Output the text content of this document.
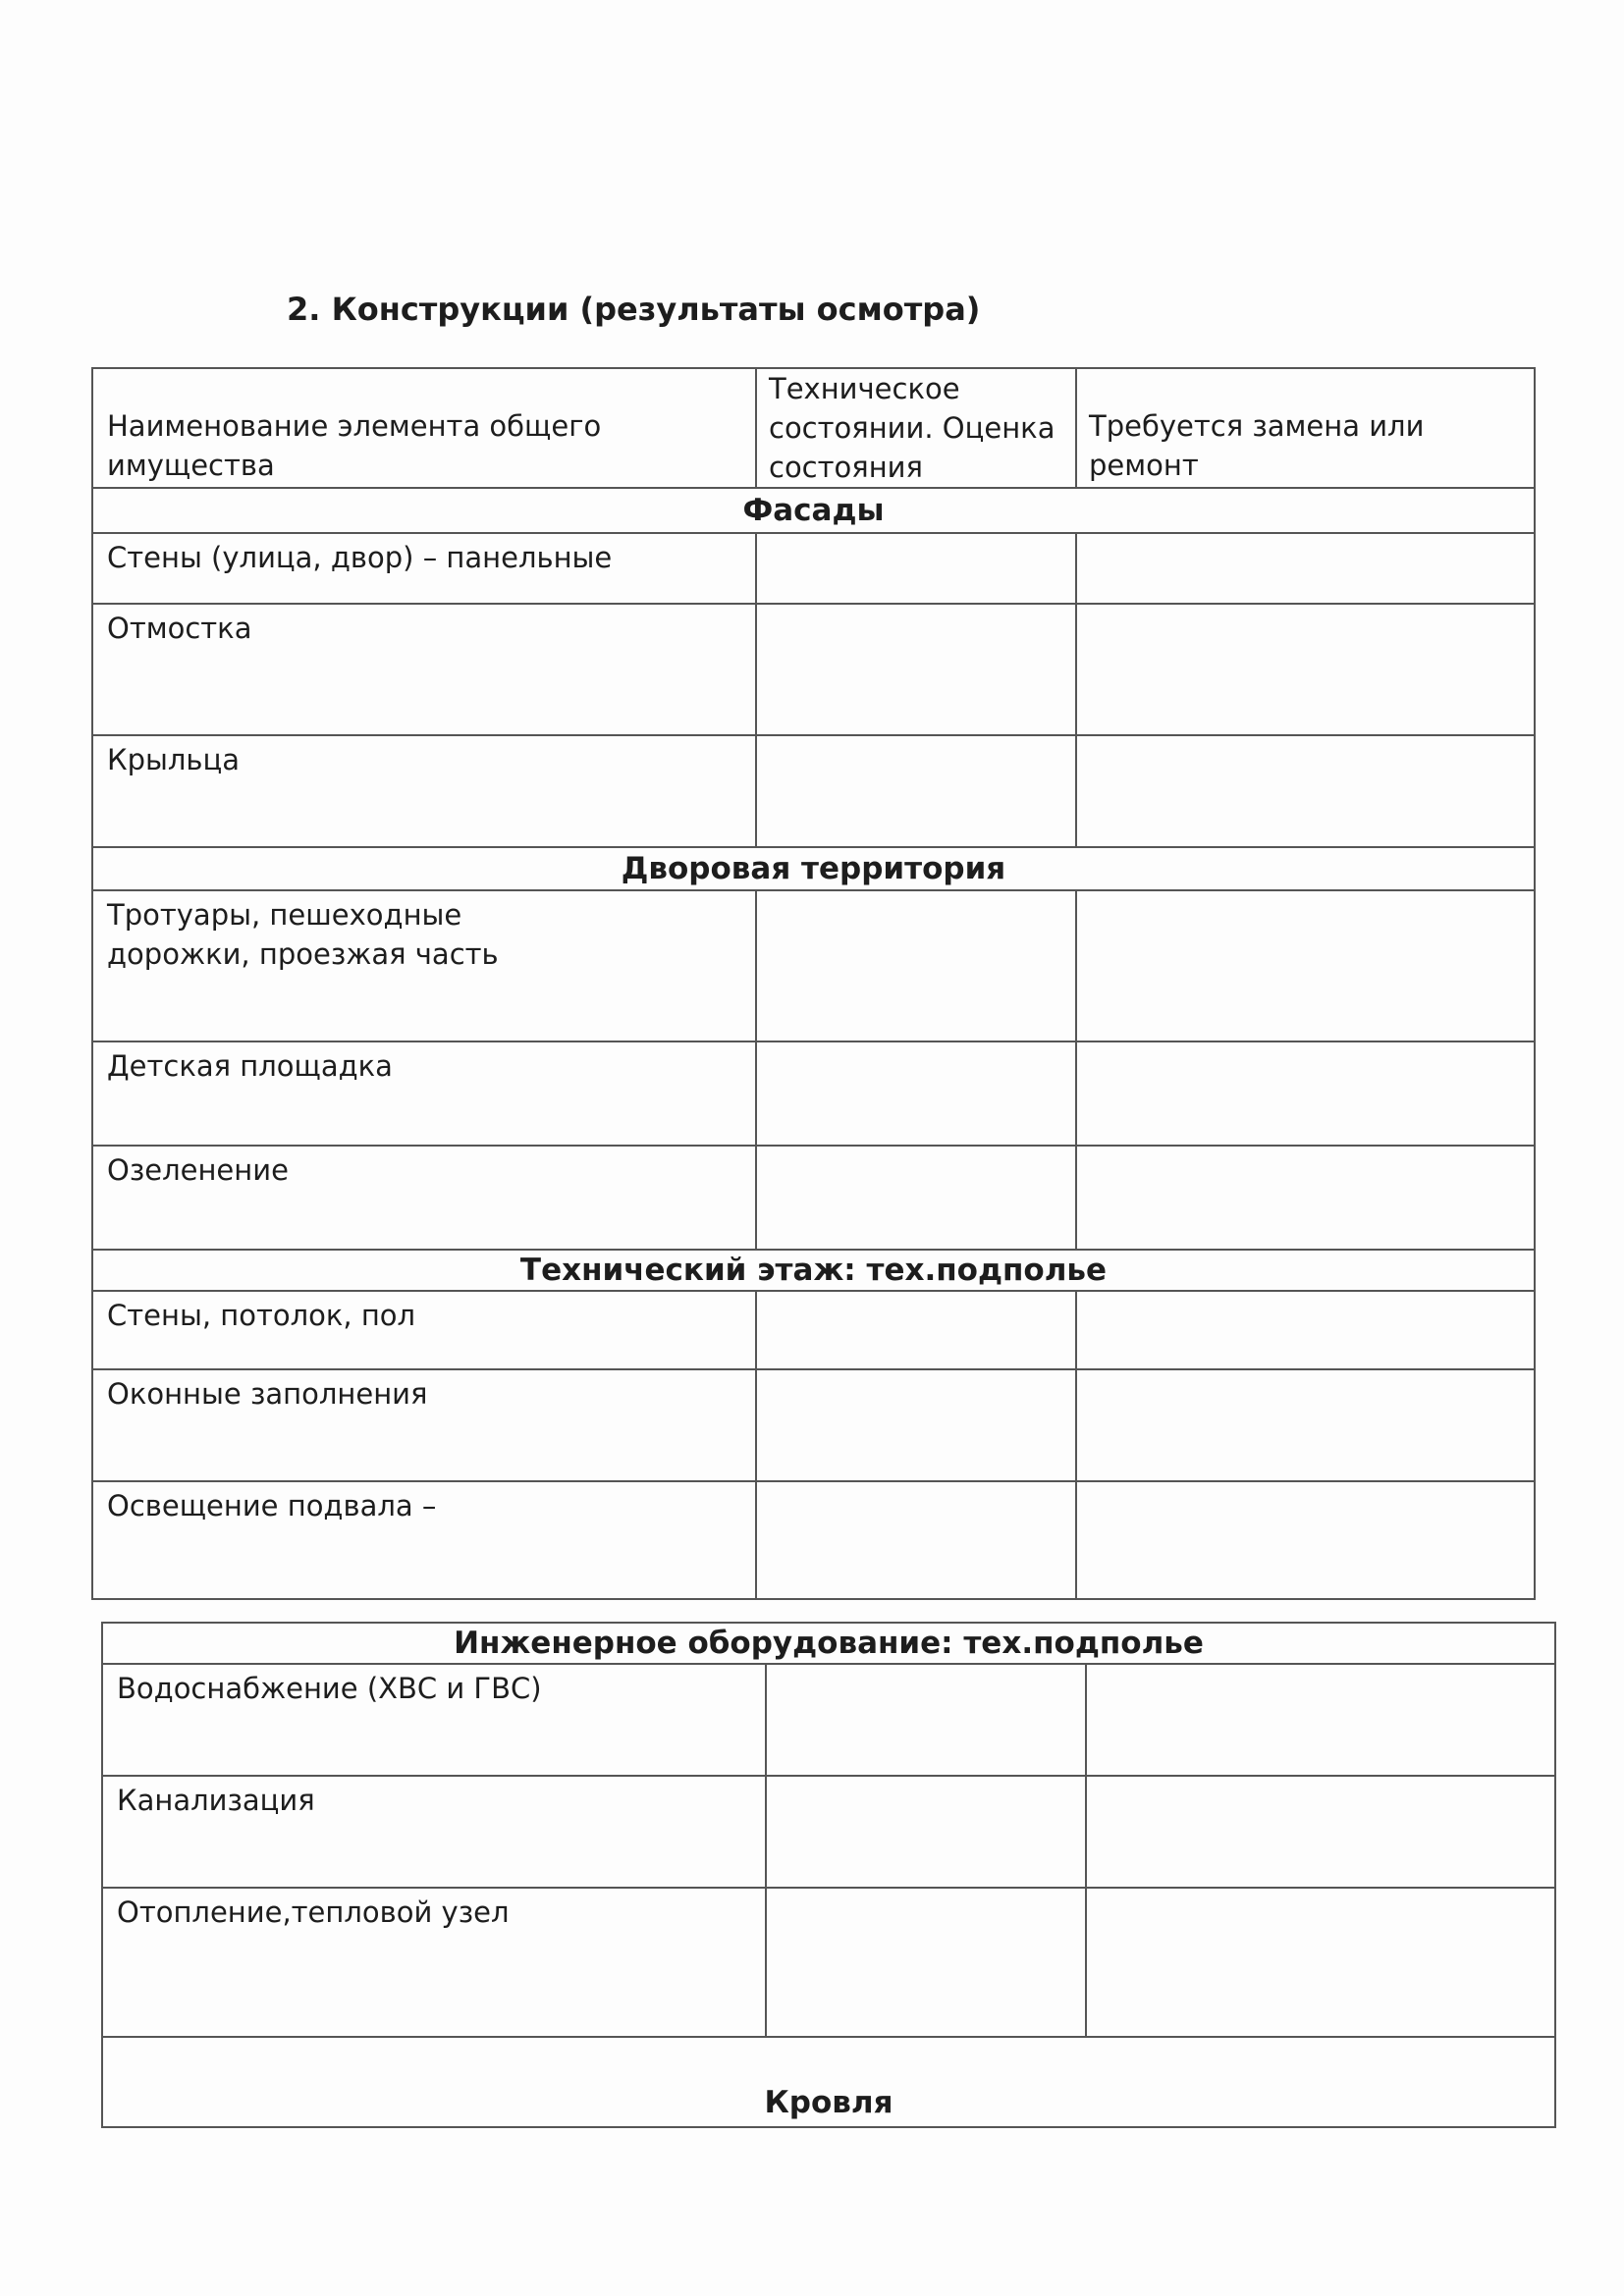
2. Конструкции (результаты осмотра)
Наименование элемента общего имущества	Техническое состоянии. Оценка состояния	Требуется замена или ремонт
Фасады		
Стены (улица, двор) – панельные		
Отмостка		
Крыльца		
Дворовая территория		
Тротуары, пешеходные дорожки, проезжая часть		
Детская площадка		
Озеленение		
Технический этаж: тех.подполье		
Стены, потолок, пол		
Оконные заполнения		
Освещение подвала –		
Инженерное оборудование: тех.подполье		
Водоснабжение (ХВС и ГВС)		
Канализация		
Отопление,тепловой узел		
Кровля		
